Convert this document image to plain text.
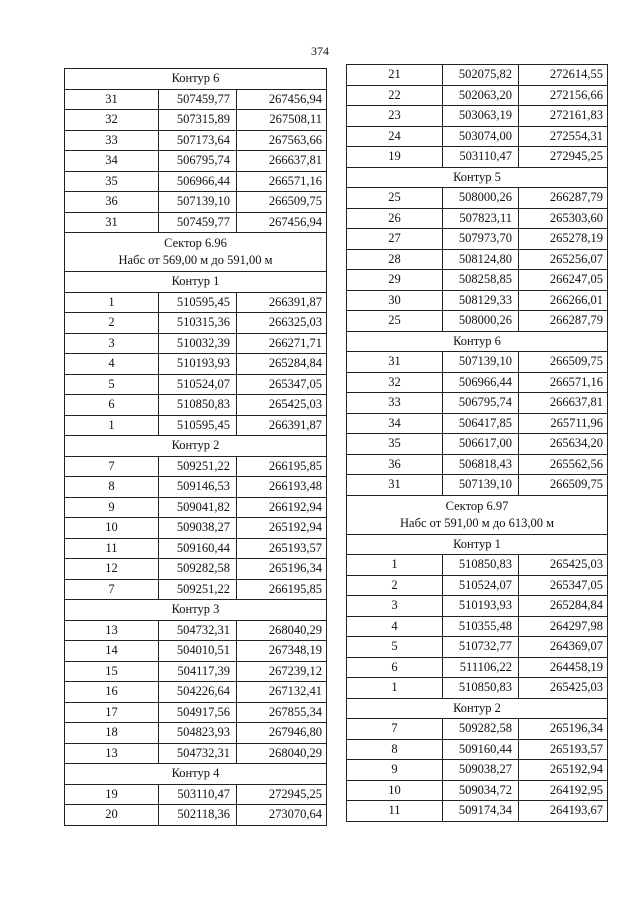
374
Контур 6		
31	507459,77	267456,94
32	507315,89	267508,11
33	507173,64	267563,66
34	506795,74	266637,81
35	506966,44	266571,16
36	507139,10	266509,75
31	507459,77	267456,94

Сектор 6.96
Набс от 569,00 м до 591,00 м		

Контур 1		
1	510595,45	266391,87
2	510315,36	266325,03
3	510032,39	266271,71
4	510193,93	265284,84
5	510524,07	265347,05
6	510850,83	265425,03
1	510595,45	266391,87
Контур 2		
7	509251,22	266195,85
8	509146,53	266193,48
9	509041,82	266192,94
10	509038,27	265192,94
11	509160,44	265193,57
12	509282,58	265196,34
7	509251,22	266195,85
Контур 3		
13	504732,31	268040,29
14	504010,51	267348,19
15	504117,39	267239,12
16	504226,64	267132,41
17	504917,56	267855,34
18	504823,93	267946,80
13	504732,31	268040,29
Контур 4		
19	503110,47	272945,25
20	502118,36	273070,64
21	502075,82	272614,55
22	502063,20	272156,66
23	503063,19	272161,83
24	503074,00	272554,31
19	503110,47	272945,25
Контур 5		
25	508000,26	266287,79
26	507823,11	265303,60
27	507973,70	265278,19
28	508124,80	265256,07
29	508258,85	266247,05
30	508129,33	266266,01
25	508000,26	266287,79
Контур 6		
31	507139,10	266509,75
32	506966,44	266571,16
33	506795,74	266637,81
34	506417,85	265711,96
35	506617,00	265634,20
36	506818,43	265562,56
31	507139,10	266509,75

Сектор 6.97
Набс от 591,00 м до 613,00 м		

Контур 1		
1	510850,83	265425,03
2	510524,07	265347,05
3	510193,93	265284,84
4	510355,48	264297,98
5	510732,77	264369,07
6	511106,22	264458,19
1	510850,83	265425,03
Контур 2		
7	509282,58	265196,34
8	509160,44	265193,57
9	509038,27	265192,94
10	509034,72	264192,95
11	509174,34	264193,67
